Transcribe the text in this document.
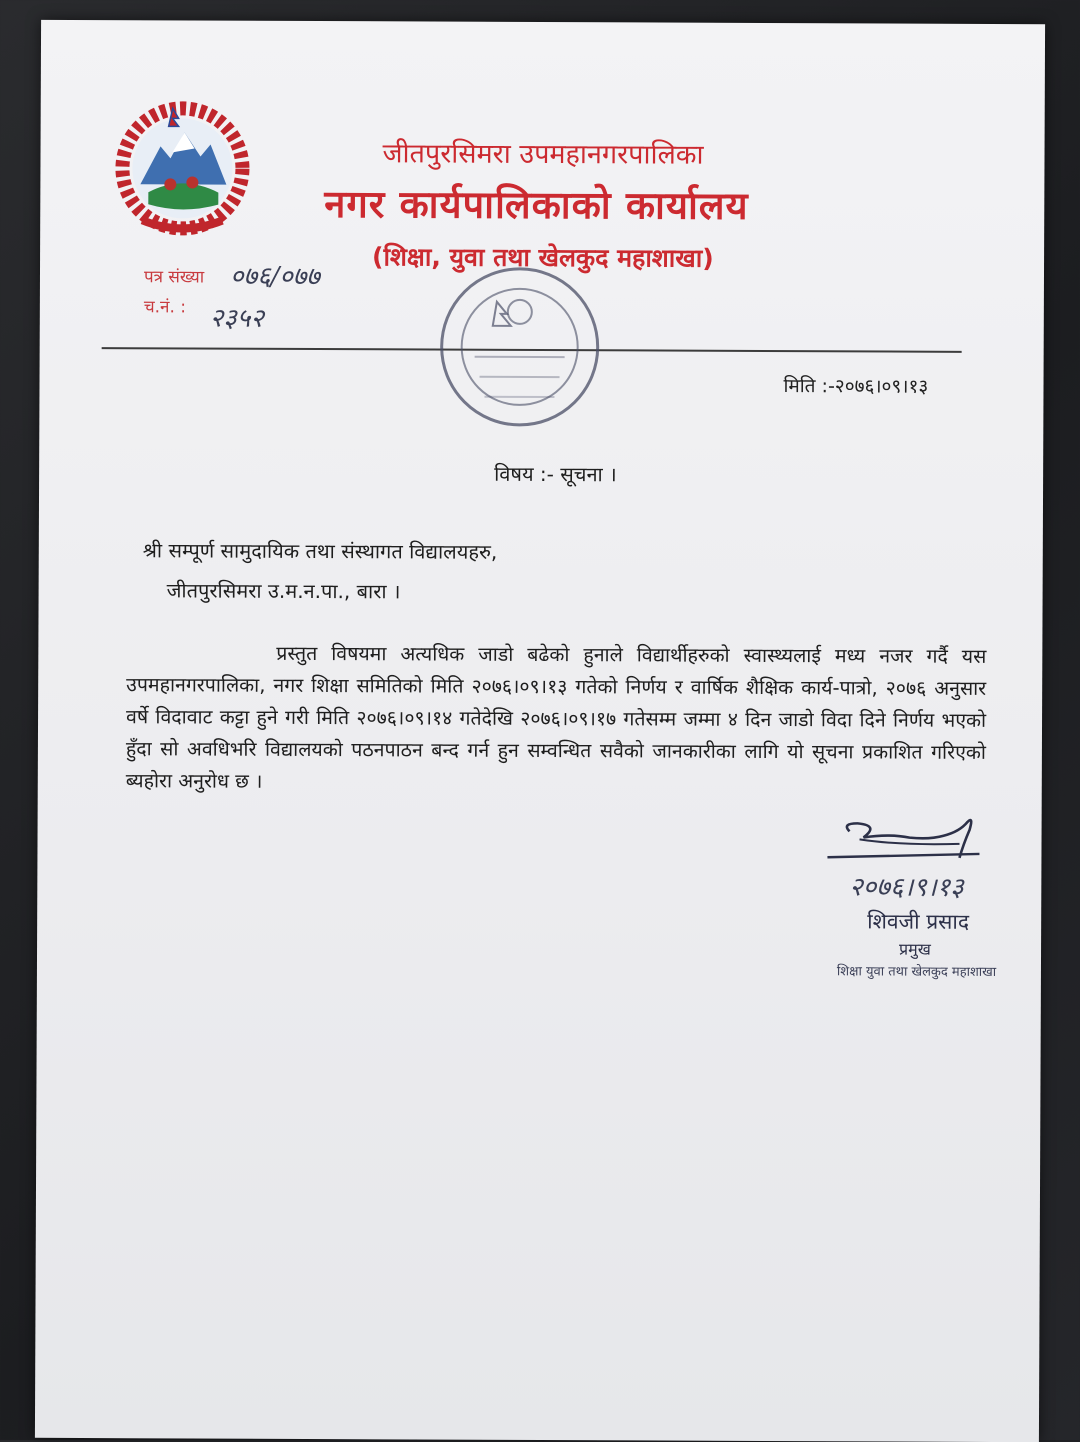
जीतपुरसिमरा उपमहानगरपालिका
नगर कार्यपालिकाको कार्यालय
(शिक्षा, युवा तथा खेलकुद महाशाखा)
पत्र संख्या ०७६/०७७
च.नं. : २३५२
मिति :-२०७६।०९।१३
विषय :- सूचना ।
श्री सम्पूर्ण सामुदायिक तथा संस्थागत विद्यालयहरु,
जीतपुरसिमरा उ.म.न.पा., बारा ।
प्रस्तुत विषयमा अत्यधिक जाडो बढेको हुनाले विद्यार्थीहरुको स्वास्थ्यलाई मध्य नजर गर्दै यस उपमहानगरपालिका, नगर शिक्षा समितिको मिति २०७६।०९।१३ गतेको निर्णय र वार्षिक शैक्षिक कार्य-पात्रो, २०७६ अनुसार वर्षे विदावाट कट्टा हुने गरी मिति २०७६।०९।१४ गतेदेखि २०७६।०९।१७ गतेसम्म जम्मा ४ दिन जाडो विदा दिने निर्णय भएको हुँदा सो अवधिभरि विद्यालयको पठनपाठन बन्द गर्न हुन सम्वन्धित सवैको जानकारीका लागि यो सूचना प्रकाशित गरिएको ब्यहोरा अनुरोध छ ।
२०७६।९।१३
शिवजी प्रसाद
प्रमुख
शिक्षा युवा तथा खेलकुद महाशाखा
